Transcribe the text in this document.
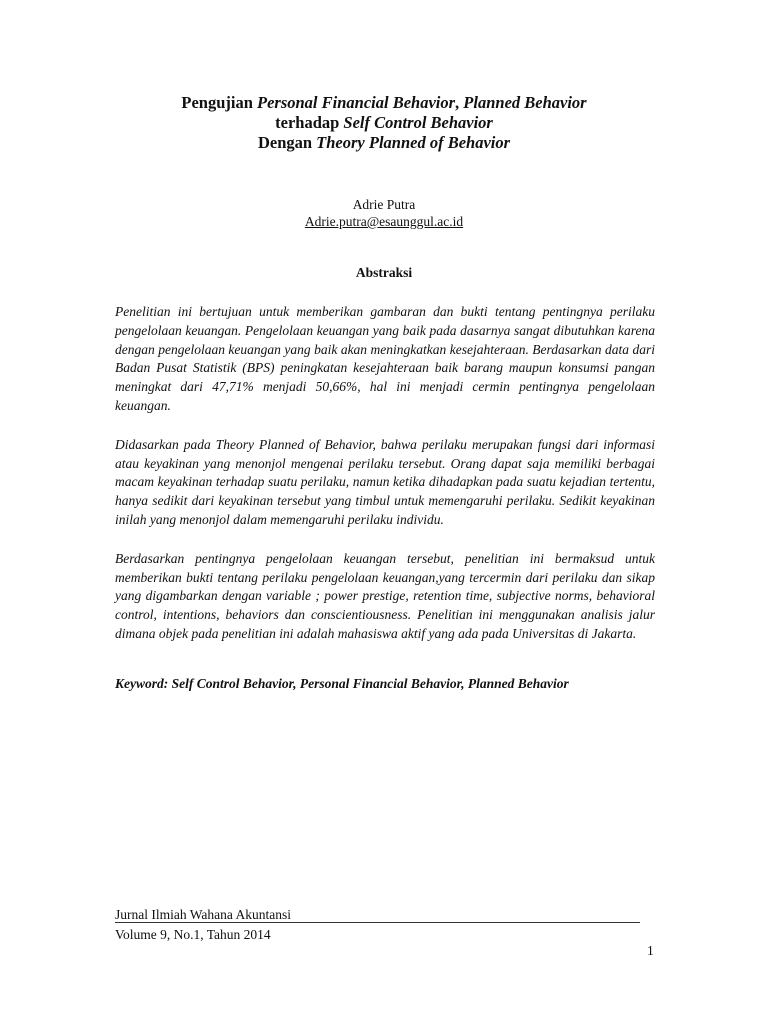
Pengujian Personal Financial Behavior, Planned Behavior
terhadap Self Control Behavior
Dengan Theory Planned of Behavior
Adrie Putra
Adrie.putra@esaunggul.ac.id
Abstraksi

Penelitian ini bertujuan untuk memberikan gambaran dan bukti tentang pentingnya perilaku pengelolaan keuangan. Pengelolaan keuangan yang baik pada dasarnya sangat dibutuhkan karena dengan pengelolaan keuangan yang baik akan meningkatkan kesejahteraan. Berdasarkan data dari Badan Pusat Statistik (BPS) peningkatan kesejahteraan baik barang maupun konsumsi pangan meningkat dari 47,71% menjadi 50,66%, hal ini menjadi cermin pentingnya pengelolaan keuangan.

Didasarkan pada Theory Planned of Behavior, bahwa perilaku merupakan fungsi dari informasi atau keyakinan yang menonjol mengenai perilaku tersebut. Orang dapat saja memiliki berbagai macam keyakinan terhadap suatu perilaku, namun ketika dihadapkan pada suatu kejadian tertentu, hanya sedikit dari keyakinan tersebut yang timbul untuk memengaruhi perilaku. Sedikit keyakinan inilah yang menonjol dalam memengaruhi perilaku individu.

Berdasarkan pentingnya pengelolaan keuangan tersebut, penelitian ini bermaksud untuk memberikan bukti tentang perilaku pengelolaan keuangan,yang tercermin dari perilaku dan sikap yang digambarkan dengan variable ; power prestige, retention time, subjective norms, behavioral control, intentions, behaviors dan conscientiousness. Penelitian ini menggunakan analisis jalur dimana objek pada penelitian ini adalah mahasiswa aktif yang ada pada Universitas di Jakarta.

Keyword: Self Control Behavior, Personal Financial Behavior, Planned Behavior
Jurnal Ilmiah Wahana Akuntansi
Volume 9, No.1, Tahun 2014
1
